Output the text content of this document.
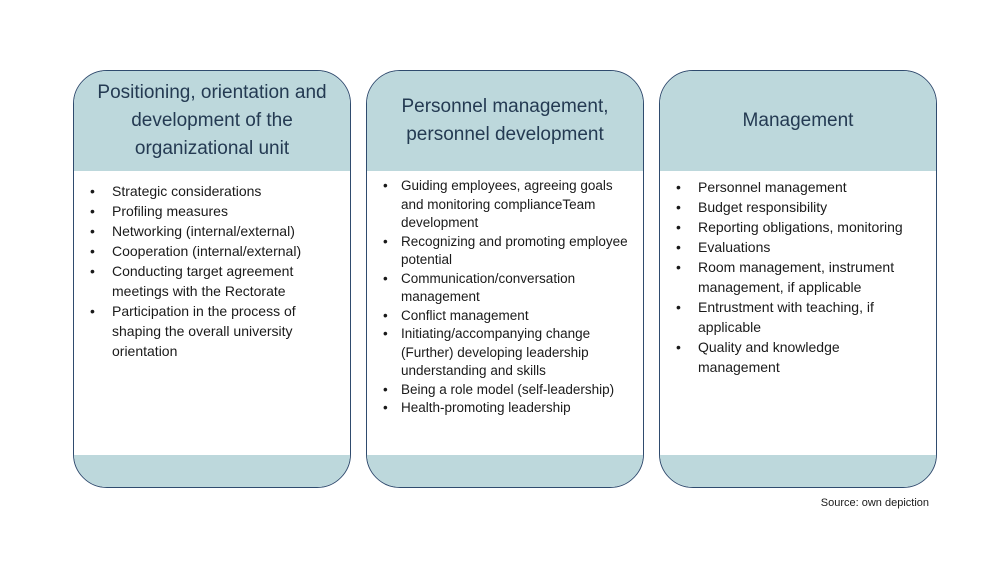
Positioning, orientation and development of the organizational unit
• Strategic considerations
• Profiling measures
• Networking (internal/external)
• Cooperation (internal/external)
• Conducting target agreement meetings with the Rectorate
• Participation in the process of shaping the overall university orientation
Personnel management, personnel development
• Guiding employees, agreeing goals and monitoring complianceTeam development
• Recognizing and promoting employee potential
• Communication/conversation management
• Conflict management
• Initiating/accompanying change (Further) developing leadership understanding and skills
• Being a role model (self-leadership)
• Health-promoting leadership
Management
• Personnel management
• Budget responsibility
• Reporting obligations, monitoring
• Evaluations
• Room management, instrument management, if applicable
• Entrustment with teaching, if applicable
• Quality and knowledge management
Source: own depiction
